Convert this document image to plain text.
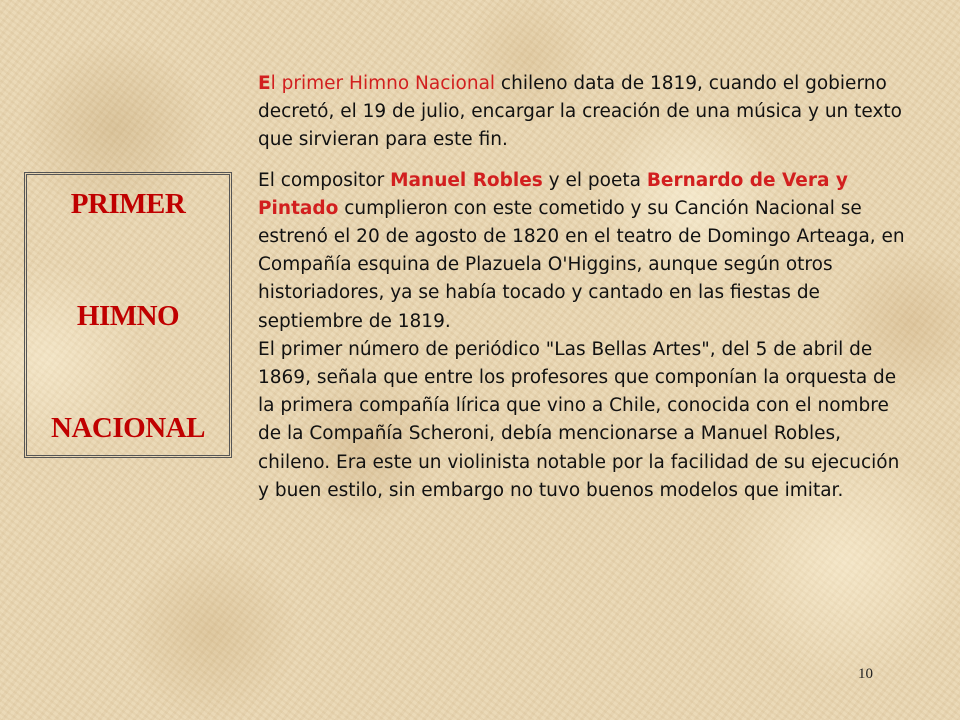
PRIMER
HIMNO
NACIONAL

El primer Himno Nacional chileno data de 1819, cuando el gobierno decretó, el 19 de julio, encargar la creación de una música y un texto que sirvieran para este fin.

El compositor Manuel Robles y el poeta Bernardo de Vera y Pintado cumplieron con este cometido y su Canción Nacional se estrenó el 20 de agosto de 1820 en el teatro de Domingo Arteaga, en Compañía esquina de Plazuela O'Higgins, aunque según otros historiadores, ya se había tocado y cantado en las fiestas de septiembre de 1819.

El primer número de periódico "Las Bellas Artes", del 5 de abril de 1869, señala que entre los profesores que componían la orquesta de la primera compañía lírica que vino a Chile, conocida con el nombre de la Compañía Scheroni, debía mencionarse a Manuel Robles, chileno. Era este un violinista notable por la facilidad de su ejecución y buen estilo, sin embargo no tuvo buenos modelos que imitar.

10
